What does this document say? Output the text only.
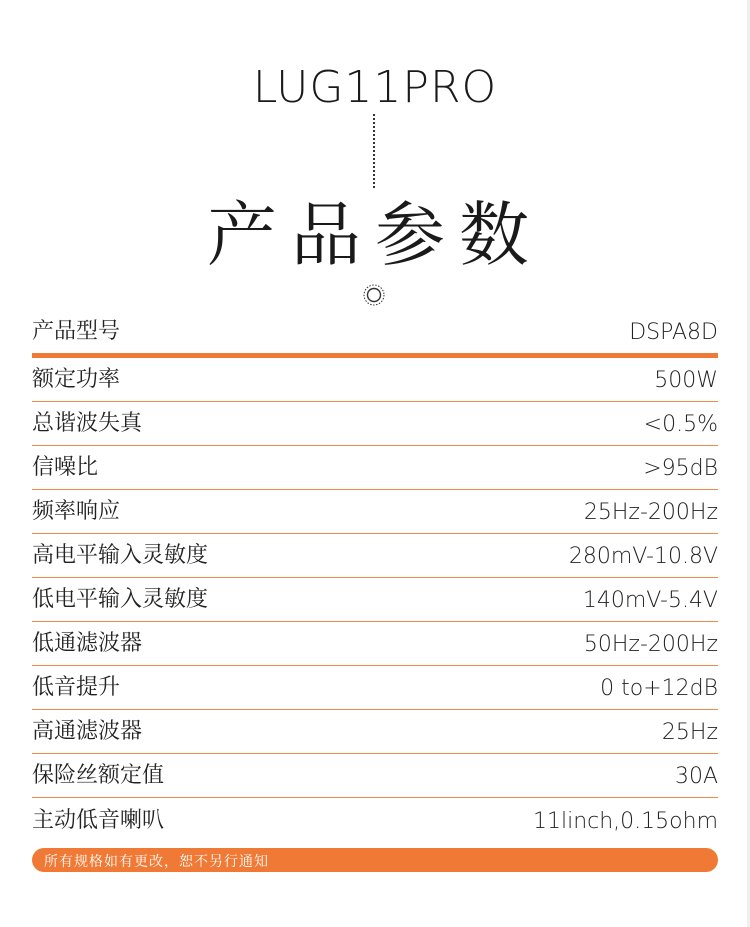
LUG11PRO
产品参数
产品型号	DSPA8D
额定功率	500W
总谐波失真	<0.5%
信噪比	>95dB
频率响应	25Hz-200Hz
高电平输入灵敏度	280mV-10.8V
低电平输入灵敏度	140mV-5.4V
低通滤波器	50Hz-200Hz
低音提升	0 to+12dB
高通滤波器	25Hz
保险丝额定值	30A
主动低音喇叭	11linch,0.15ohm
所有规格如有更改，恕不另行通知
